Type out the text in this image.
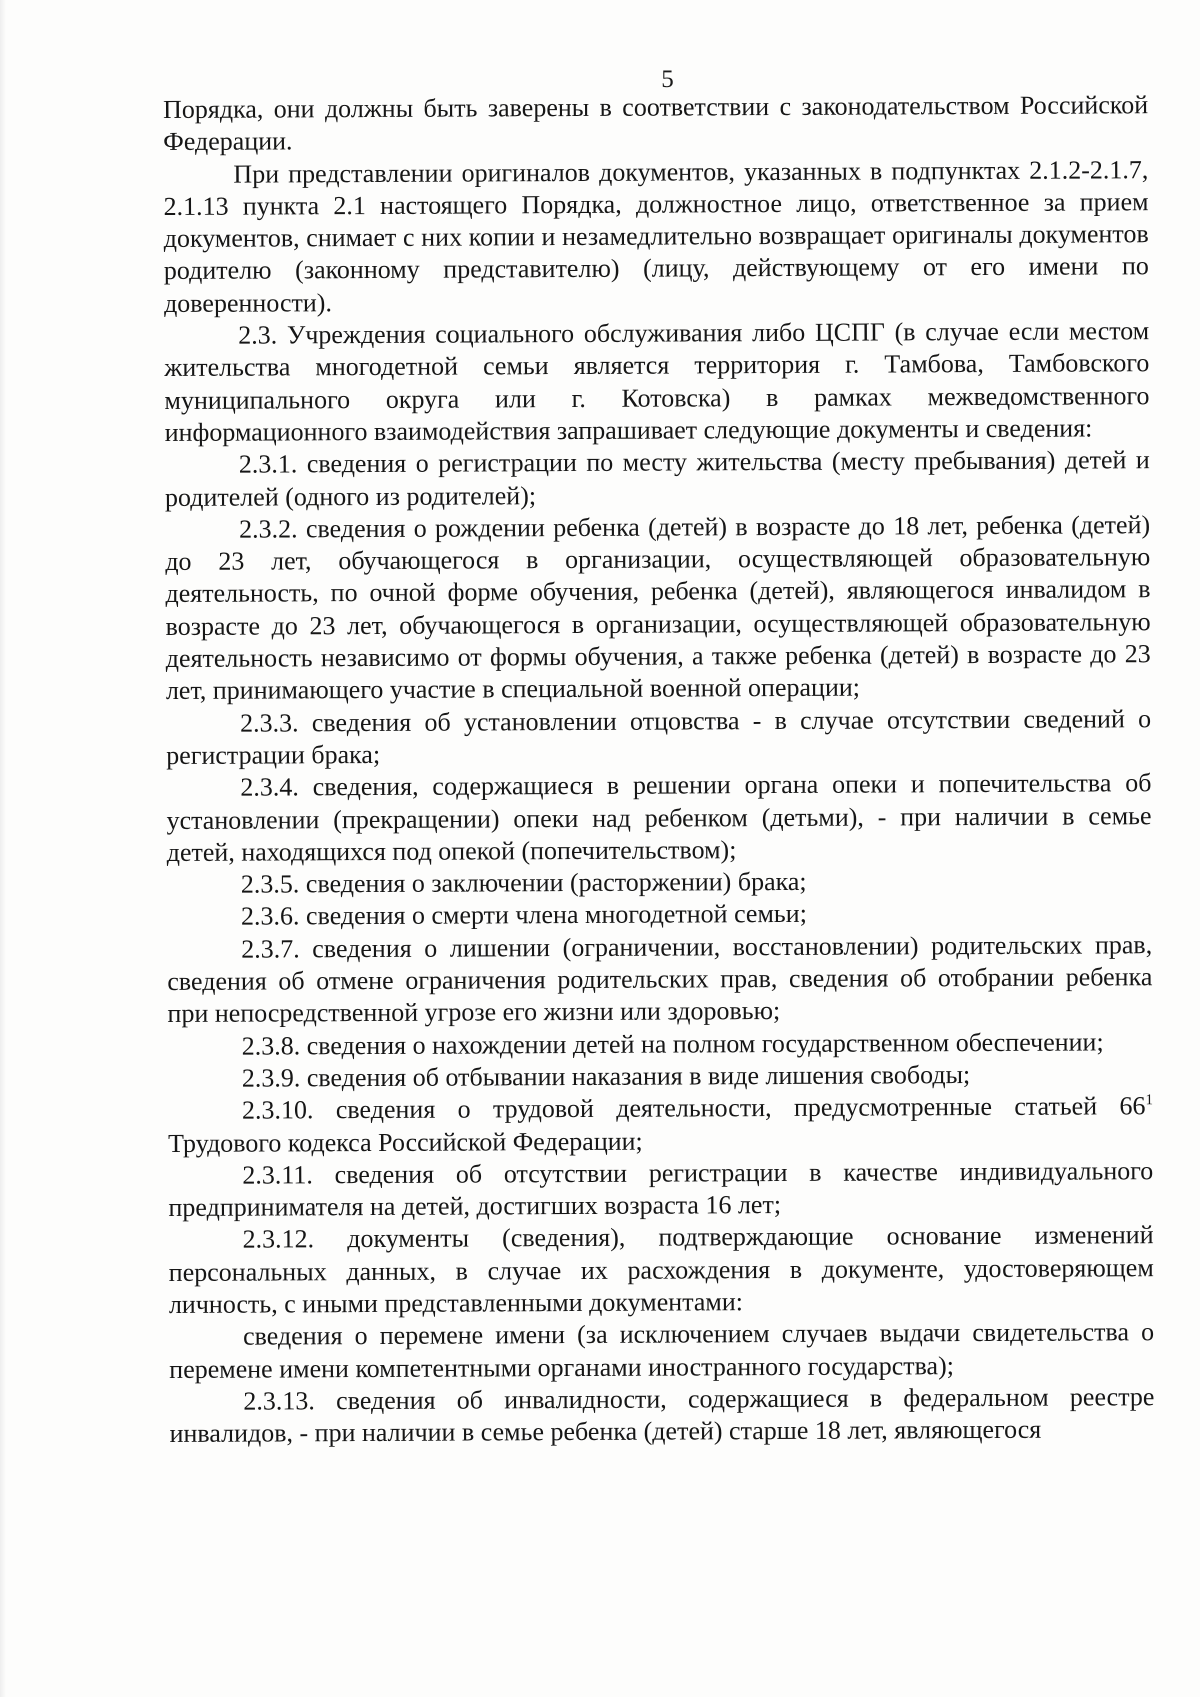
5

Порядка, они должны быть заверены в соответствии с законодательством Российской Федерации.

При представлении оригиналов документов, указанных в подпунктах 2.1.2-2.1.7, 2.1.13 пункта 2.1 настоящего Порядка, должностное лицо, ответственное за прием документов, снимает с них копии и незамедлительно возвращает оригиналы документов родителю (законному представителю) (лицу, действующему от его имени по доверенности).

2.3. Учреждения социального обслуживания либо ЦСПГ (в случае если местом жительства многодетной семьи является территория г. Тамбова, Тамбовского муниципального округа или г. Котовска) в рамках межведомственного информационного взаимодействия запрашивает следующие документы и сведения:

2.3.1. сведения о регистрации по месту жительства (месту пребывания) детей и родителей (одного из родителей);

2.3.2. сведения о рождении ребенка (детей) в возрасте до 18 лет, ребенка (детей) до 23 лет, обучающегося в организации, осуществляющей образовательную деятельность, по очной форме обучения, ребенка (детей), являющегося инвалидом в возрасте до 23 лет, обучающегося в организации, осуществляющей образовательную деятельность независимо от формы обучения, а также ребенка (детей) в возрасте до 23 лет, принимающего участие в специальной военной операции;

2.3.3. сведения об установлении отцовства - в случае отсутствии сведений о регистрации брака;

2.3.4. сведения, содержащиеся в решении органа опеки и попечительства об установлении (прекращении) опеки над ребенком (детьми), - при наличии в семье детей, находящихся под опекой (попечительством);

2.3.5. сведения о заключении (расторжении) брака;

2.3.6. сведения о смерти члена многодетной семьи;

2.3.7. сведения о лишении (ограничении, восстановлении) родительских прав, сведения об отмене ограничения родительских прав, сведения об отобрании ребенка при непосредственной угрозе его жизни или здоровью;

2.3.8. сведения о нахождении детей на полном государственном обеспечении;

2.3.9. сведения об отбывании наказания в виде лишения свободы;

2.3.10. сведения о трудовой деятельности, предусмотренные статьей $66^1$ Трудового кодекса Российской Федерации;

2.3.11. сведения об отсутствии регистрации в качестве индивидуального предпринимателя на детей, достигших возраста 16 лет;

2.3.12. документы (сведения), подтверждающие основание изменений персональных данных, в случае их расхождения в документе, удостоверяющем личность, с иными представленными документами:

сведения о перемене имени (за исключением случаев выдачи свидетельства о перемене имени компетентными органами иностранного государства);

2.3.13. сведения об инвалидности, содержащиеся в федеральном реестре инвалидов, - при наличии в семье ребенка (детей) старше 18 лет, являющегося
